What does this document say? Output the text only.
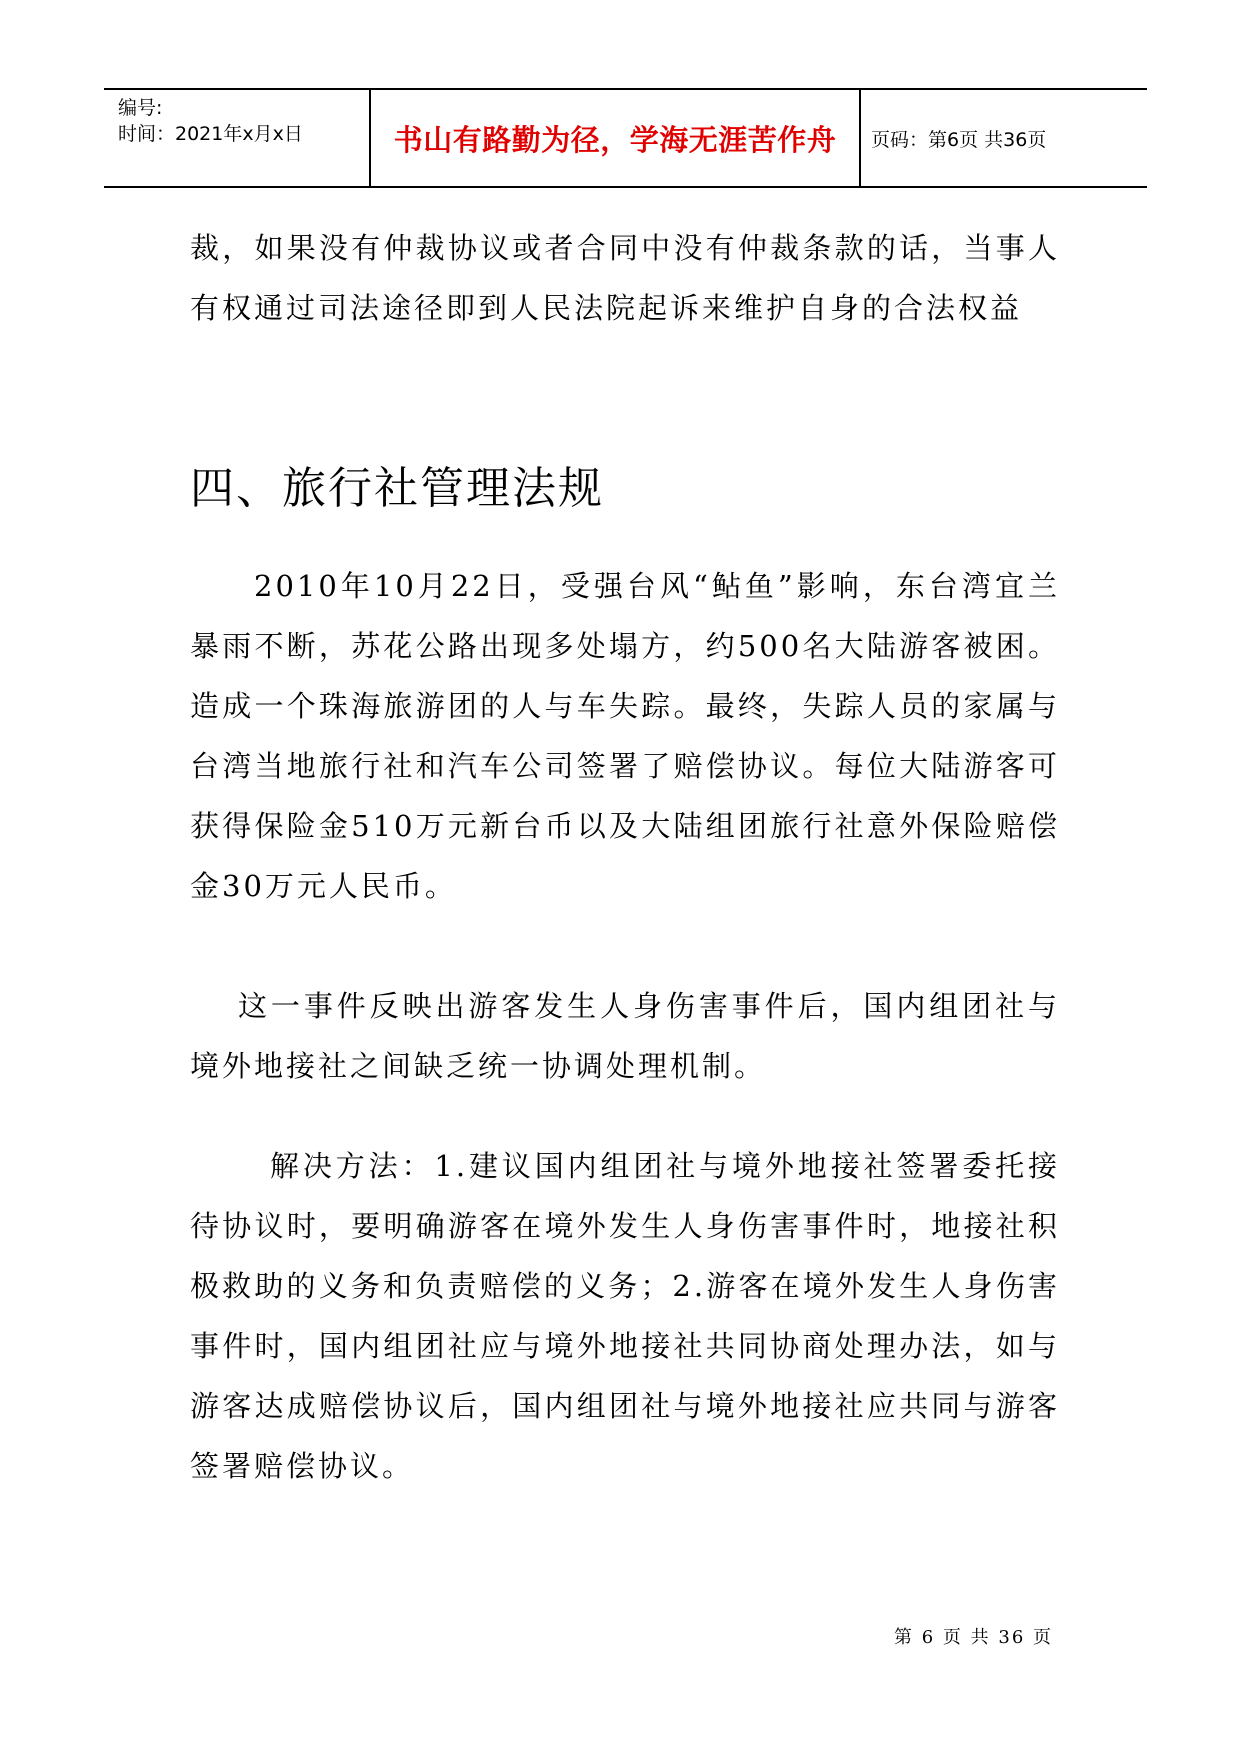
编号:
时间：2021年x月x日	书山有路勤为径，学海无涯苦作舟 页码：第6页 共36页

裁，如果没有仲裁协议或者合同中没有仲裁条款的话，当事人有权通过司法途径即到人民法院起诉来维护自身的合法权益

四、旅行社管理法规

2010年10月22日，受强台风“鲇鱼”影响，东台湾宜兰暴雨不断，苏花公路出现多处塌方，约500名大陆游客被困。造成一个珠海旅游团的人与车失踪。最终，失踪人员的家属与台湾当地旅行社和汽车公司签署了赔偿协议。每位大陆游客可获得保险金510万元新台币以及大陆组团旅行社意外保险赔偿金30万元人民币。

这一事件反映出游客发生人身伤害事件后，国内组团社与境外地接社之间缺乏统一协调处理机制。

解决方法：1.建议国内组团社与境外地接社签署委托接待协议时，要明确游客在境外发生人身伤害事件时，地接社积极救助的义务和负责赔偿的义务；2.游客在境外发生人身伤害事件时，国内组团社应与境外地接社共同协商处理办法，如与游客达成赔偿协议后，国内组团社与境外地接社应共同与游客签署赔偿协议。

第 6 页 共 36 页
